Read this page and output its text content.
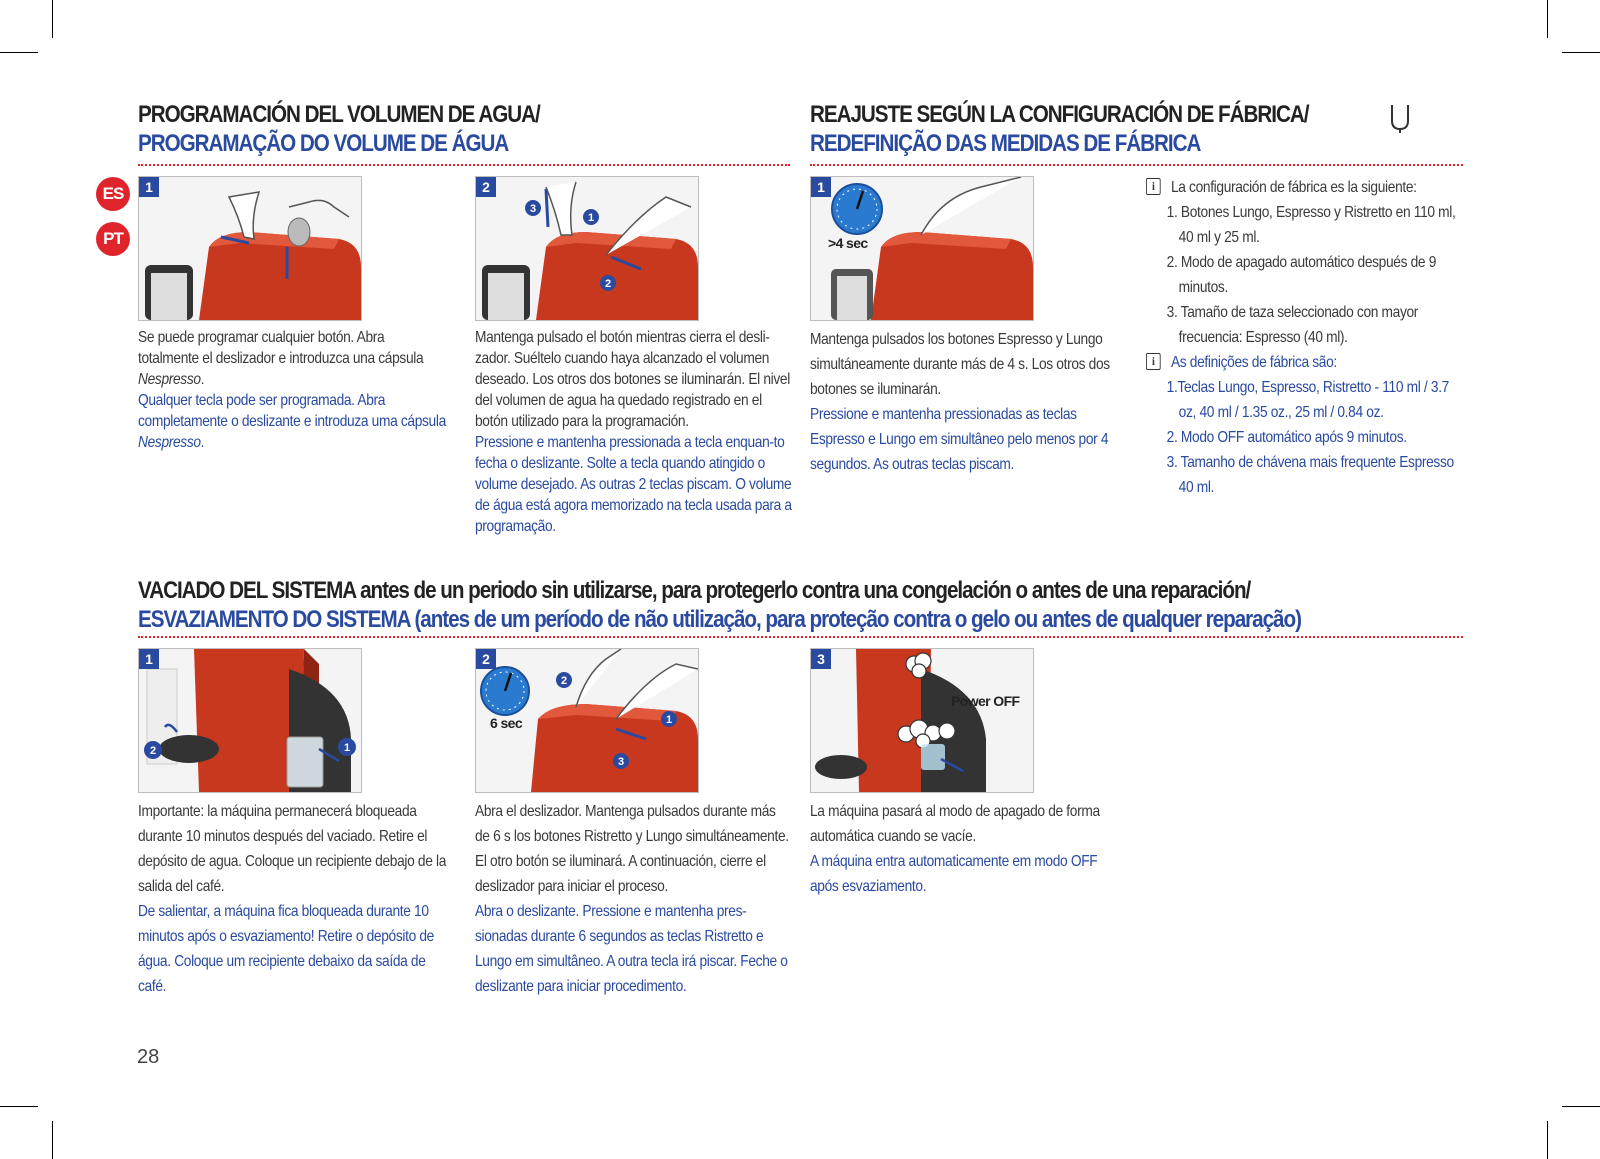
ES
PT
PROGRAMACIÓN DEL VOLUMEN DE AGUA/
PROGRAMAÇÃO DO VOLUME DE ÁGUA
1	2
3
1
2

Se puede programar cualquier botón. Abra totalmente el deslizador e introduzca una cápsula Nespresso.

Qualquer tecla pode ser programada. Abra completamente o deslizante e introduza uma cápsula Nespresso.

Mantenga pulsado el botón mientras cierra el desli-zador. Suéltelo cuando haya alcanzado el volumen deseado. Los otros dos botones se iluminarán. El nivel del volumen de agua ha quedado registrado en el botón utilizado para la programación.

Pressione e mantenha pressionada a tecla enquan-to fecha o deslizante. Solte a tecla quando atingido o volume desejado. As outras 2 teclas piscam. O volume de água está agora memorizado na tecla usada para a programação.

REAJUSTE SEGÚN LA CONFIGURACIÓN DE FÁBRICA/
REDEFINIÇÃO DAS MEDIDAS DE FÁBRICA
1
>4 sec

Mantenga pulsados los botones Espresso y Lungo simultáneamente durante más de 4 s. Los otros dos botones se iluminarán.

Pressione e mantenha pressionadas as teclas Espresso e Lungo em simultâneo pelo menos por 4 segundos. As outras teclas piscam.

i	La configuración de fábrica es la siguiente:

1. Botones Lungo, Espresso y Ristretto en 110 ml, 40 ml y 25 ml.

2. Modo de apagado automático después de 9 minutos.

3. Tamaño de taza seleccionado con mayor frecuencia: Espresso (40 ml).

i	As definições de fábrica são:

1.Teclas Lungo, Espresso, Ristretto - 110 ml / 3.7 oz, 40 ml / 1.35 oz., 25 ml / 0.84 oz.

2. Modo OFF automático após 9 minutos.

3. Tamanho de chávena mais frequente Espresso 40 ml.

VACIADO DEL SISTEMA antes de un periodo sin utilizarse, para protegerlo contra una congelación o antes de una reparación/
ESVAZIAMENTO DO SISTEMA (antes de um período de não utilização, para proteção contra o gelo ou antes de qualquer reparação)
1
2	1
2
2
1
3
6 sec
3
Power OFF

Importante: la máquina permanecerá bloqueada durante 10 minutos después del vaciado. Retire el depósito de agua. Coloque un recipiente debajo de la salida del café.

De salientar, a máquina fica bloqueada durante 10 minutos após o esvaziamento! Retire o depósito de água. Coloque um recipiente debaixo da saída de café.

Abra el deslizador. Mantenga pulsados durante más de 6 s los botones Ristretto y Lungo simultáneamente. El otro botón se iluminará. A continuación, cierre el deslizador para iniciar el proceso.

Abra o deslizante. Pressione e mantenha pres-sionadas durante 6 segundos as teclas Ristretto e Lungo em simultâneo. A outra tecla irá piscar. Feche o deslizante para iniciar procedimento.

La máquina pasará al modo de apagado de forma automática cuando se vacíe.

A máquina entra automaticamente em modo OFF após esvaziamento.

28
